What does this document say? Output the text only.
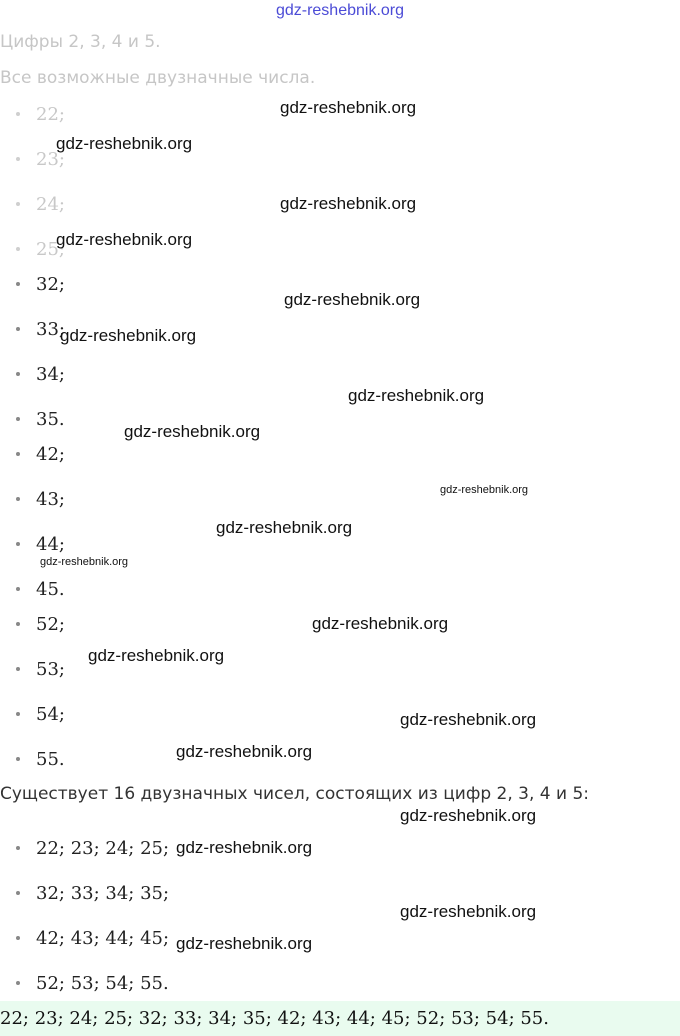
gdz-reshebnik.org

Цифры 2, 3, 4 и 5.

Все возможные двузначные числа.

22;
23;
24;
25;
32;
33;
34;
35.
42;
43;
44;
45.
52;
53;
54;
55.

Существует 16 двузначных чисел, состоящих из цифр 2, 3, 4 и 5:

22; 23; 24; 25;
32; 33; 34; 35;
42; 43; 44; 45;
52; 53; 54; 55.
22; 23; 24; 25; 32; 33; 34; 35; 42; 43; 44; 45; 52; 53; 54; 55.
gdz-reshebnik.org
gdz-reshebnik.org
gdz-reshebnik.org
gdz-reshebnik.org
gdz-reshebnik.org
gdz-reshebnik.org
gdz-reshebnik.org
gdz-reshebnik.org
gdz-reshebnik.org
gdz-reshebnik.org
gdz-reshebnik.org
gdz-reshebnik.org
gdz-reshebnik.org
gdz-reshebnik.org
gdz-reshebnik.org
gdz-reshebnik.org
gdz-reshebnik.org
gdz-reshebnik.org
gdz-reshebnik.org
